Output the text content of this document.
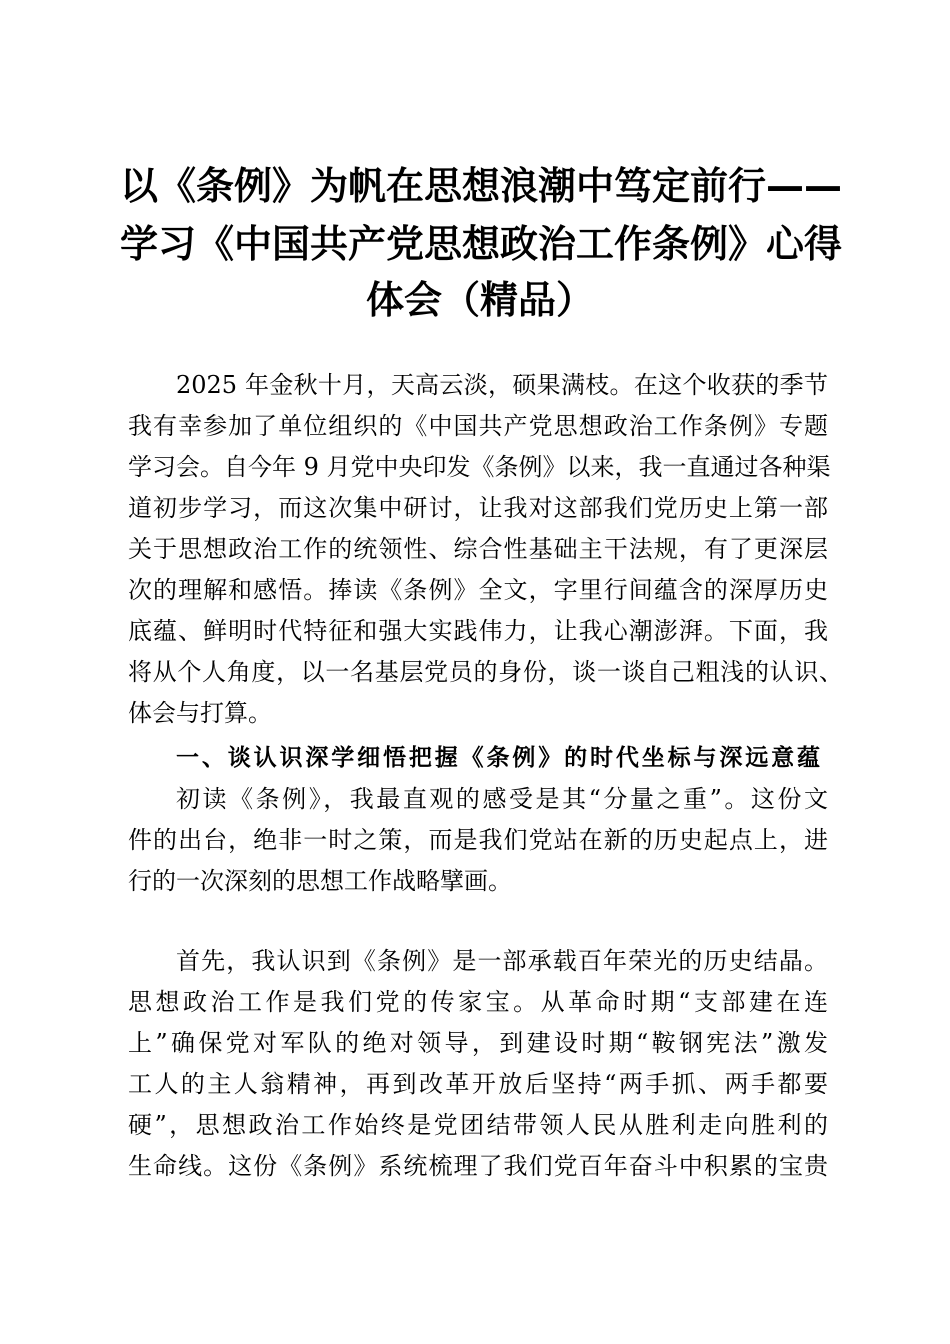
以《条例》为帆在思想浪潮中笃定前行——
学习《中国共产党思想政治工作条例》心得
体会（精品）
2025 年金秋十月，天高云淡，硕果满枝。在这个收获的季节
我有幸参加了单位组织的《中国共产党思想政治工作条例》专题
学习会。自今年 9 月党中央印发《条例》以来，我一直通过各种渠
道初步学习，而这次集中研讨，让我对这部我们党历史上第一部
关于思想政治工作的统领性、综合性基础主干法规，有了更深层
次的理解和感悟。捧读《条例》全文，字里行间蕴含的深厚历史
底蕴、鲜明时代特征和强大实践伟力，让我心潮澎湃。下面，我
将从个人角度，以一名基层党员的身份，谈一谈自己粗浅的认识、
体会与打算。
一、谈认识深学细悟把握《条例》的时代坐标与深远意蕴
初读《条例》，我最直观的感受是其“分量之重”。这份文
件的出台，绝非一时之策，而是我们党站在新的历史起点上，进
行的一次深刻的思想工作战略擘画。
首先，我认识到《条例》是一部承载百年荣光的历史结晶。
思想政治工作是我们党的传家宝。从革命时期“支部建在连
上”确保党对军队的绝对领导，到建设时期“鞍钢宪法”激发
工人的主人翁精神，再到改革开放后坚持“两手抓、两手都要
硬”，思想政治工作始终是党团结带领人民从胜利走向胜利的
生命线。这份《条例》系统梳理了我们党百年奋斗中积累的宝贵
